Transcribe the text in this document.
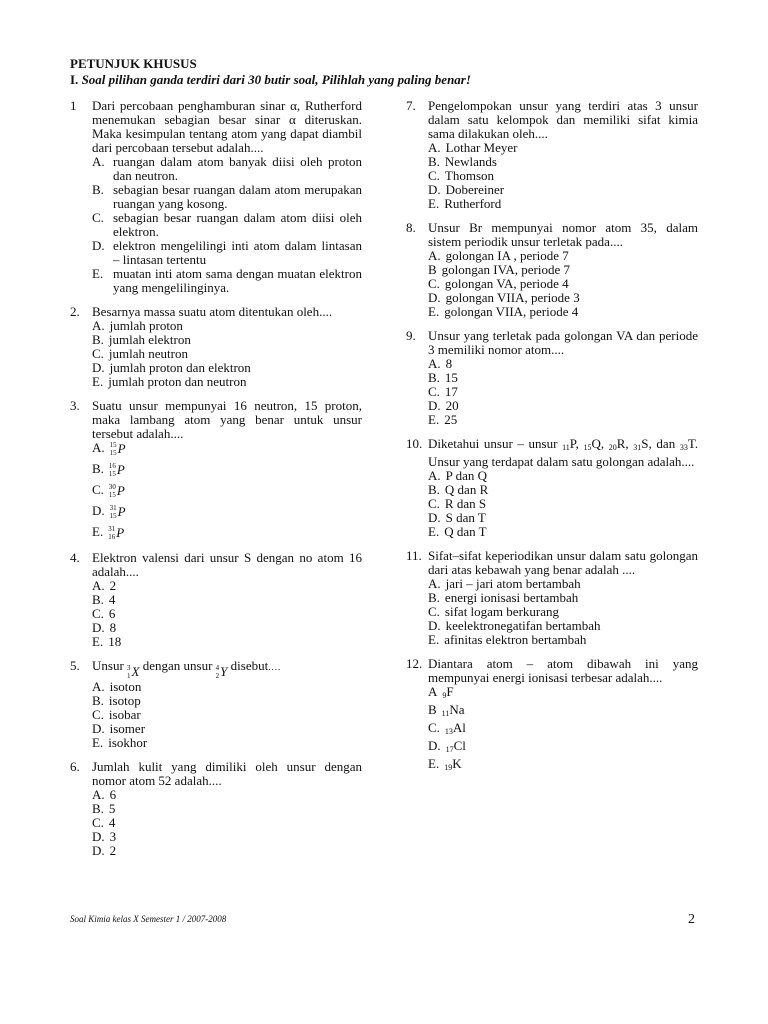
PETUNJUK KHUSUS
I. Soal pilihan ganda terdiri dari 30 butir soal, Pilihlah yang paling benar!
1	Dari percobaan penghamburan sinar α, Rutherford menemukan sebagian besar sinar α diteruskan. Maka kesimpulan tentang atom yang dapat diambil dari percobaan tersebut adalah....
A. ruangan dalam atom banyak diisi oleh proton dan neutron.
B. sebagian besar ruangan dalam atom merupakan ruangan yang kosong.
C. sebagian besar ruangan dalam atom diisi oleh elektron.
D. elektron mengelilingi inti atom dalam lintasan – lintasan tertentu
E. muatan inti atom sama dengan muatan elektron yang mengelilinginya.
2. Besarnya massa suatu atom ditentukan oleh....
A. jumlah proton
B. jumlah elektron
C. jumlah neutron
D. jumlah proton dan elektron
E. jumlah proton dan neutron
3. Suatu unsur mempunyai 16 neutron, 15 proton, maka lambang atom yang benar untuk unsur tersebut adalah....
A. 15
15 P
B. 16
15 P
C. 30
15 P
D. 31
15 P
E. 31
16 P
4. Elektron valensi dari unsur S dengan no atom 16 adalah....
A. 2
B. 4
C. 6
D. 8
E. 18
5. Unsur 3
1 X dengan unsur 4
2 Y disebut....
A. isoton
B. isotop
C. isobar
D. isomer
E. isokhor
6. Jumlah kulit yang dimiliki oleh unsur dengan nomor atom 52 adalah....
A. 6
B. 5
C. 4
D. 3
D. 2
7. Pengelompokan unsur yang terdiri atas 3 unsur dalam satu kelompok dan memiliki sifat kimia sama dilakukan oleh....
A. Lothar Meyer
B. Newlands
C. Thomson
D. Dobereiner
E. Rutherford
8. Unsur Br mempunyai nomor atom 35, dalam sistem periodik unsur terletak pada....
A. golongan IA , periode 7
B golongan IVA, periode 7
C. golongan VA, periode 4
D. golongan VIIA, periode 3
E. golongan VIIA, periode 4
9. Unsur yang terletak pada golongan VA dan periode 3 memiliki nomor atom....
A. 8
B. 15
C. 17
D. 20
E. 25
10. Diketahui unsur – unsur $_{11}$P, $_{15}$Q, $_{20}$R, $_{31}$S, dan $_{33}$T. Unsur yang terdapat dalam satu golongan adalah....
A. P dan Q
B. Q dan R
C. R dan S
D. S dan T
E. Q dan T
11. Sifat–sifat keperiodikan unsur dalam satu golongan dari atas kebawah yang benar adalah ....
A. jari – jari atom bertambah
B. energi ionisasi bertambah
C. sifat logam berkurang
D. keelektronegatifan bertambah
E. afinitas elektron bertambah
12. Diantara atom – atom dibawah ini yang mempunyai energi ionisasi terbesar adalah....
A $_9$F
B $_{11}$Na
C. $_{13}$Al
D. $_{17}$Cl
E. $_{19}$K
Soal Kimia kelas X Semester 1 / 2007-2008	2
